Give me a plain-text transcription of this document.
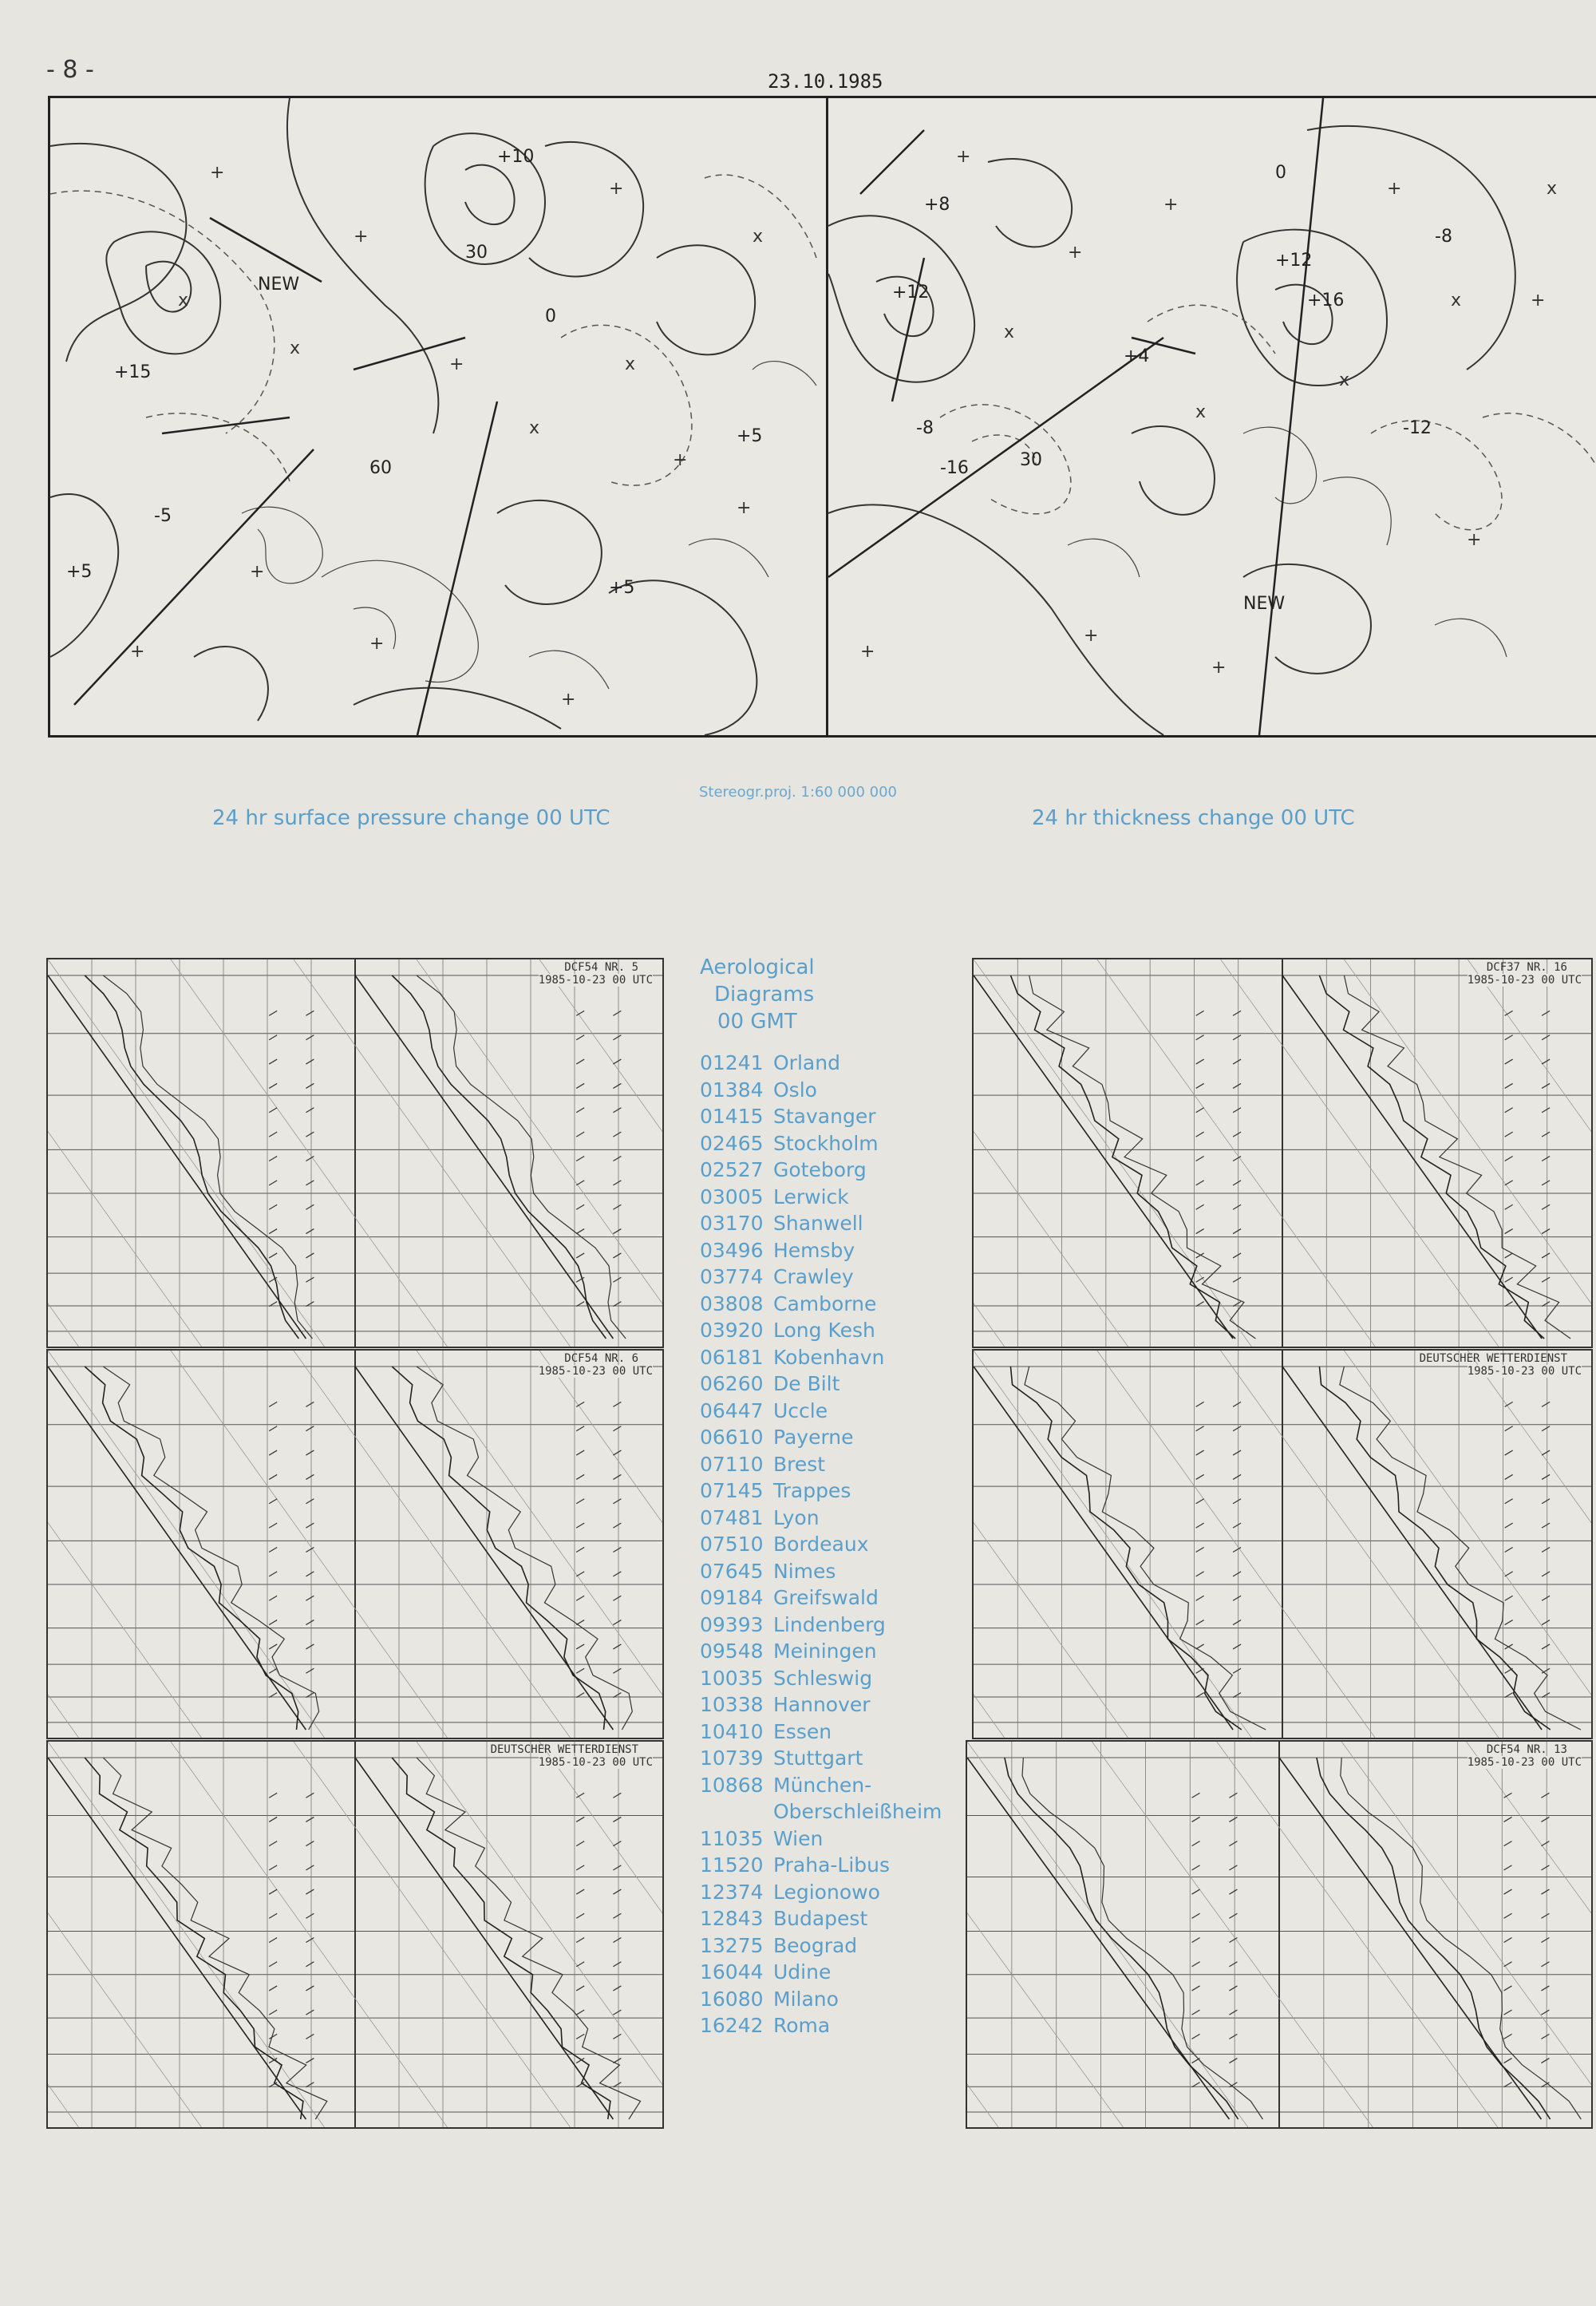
- 8 -	23.10.1985
+15
NEW
30
-5
+10
+5
60
+5
0
+5
+
+
+
+
+
+
+
+
+
+
x
x
x
x
x
+12
+8
+12
+16
-16
-8	-12
+4
NEW
30
0
-8
+
+
+
+
+
+
+
+
+
x
x
x
x
x
Stereogr.proj. 1:60 000 000
24 hr surface pressure change 00 UTC	24 hr thickness change 00 UTC
DCF54 NR. 5
1985-10-23 00 UTC
DCF54 NR. 6
1985-10-23 00 UTC
DEUTSCHER WETTERDIENST
1985-10-23 00 UTC
DCF37 NR. 16
1985-10-23 00 UTC
DEUTSCHER WETTERDIENST
1985-10-23 00 UTC
DCF54 NR. 13
1985-10-23 00 UTC
Aerological
Diagrams
00 GMT
01241 Orland
01384 Oslo
01415 Stavanger
02465 Stockholm
02527 Goteborg
03005 Lerwick
03170 Shanwell
03496 Hemsby
03774 Crawley
03808 Camborne
03920 Long Kesh
06181 Kobenhavn
06260 De Bilt
06447 Uccle
06610 Payerne
07110 Brest
07145 Trappes
07481 Lyon
07510 Bordeaux
07645 Nimes
09184 Greifswald
09393 Lindenberg
09548 Meiningen
10035 Schleswig
10338 Hannover
10410 Essen
10739 Stuttgart
10868 München-Oberschleißheim
11035 Wien
11520 Praha-Libus
12374 Legionowo
12843 Budapest
13275 Beograd
16044 Udine
16080 Milano
16242 Roma
